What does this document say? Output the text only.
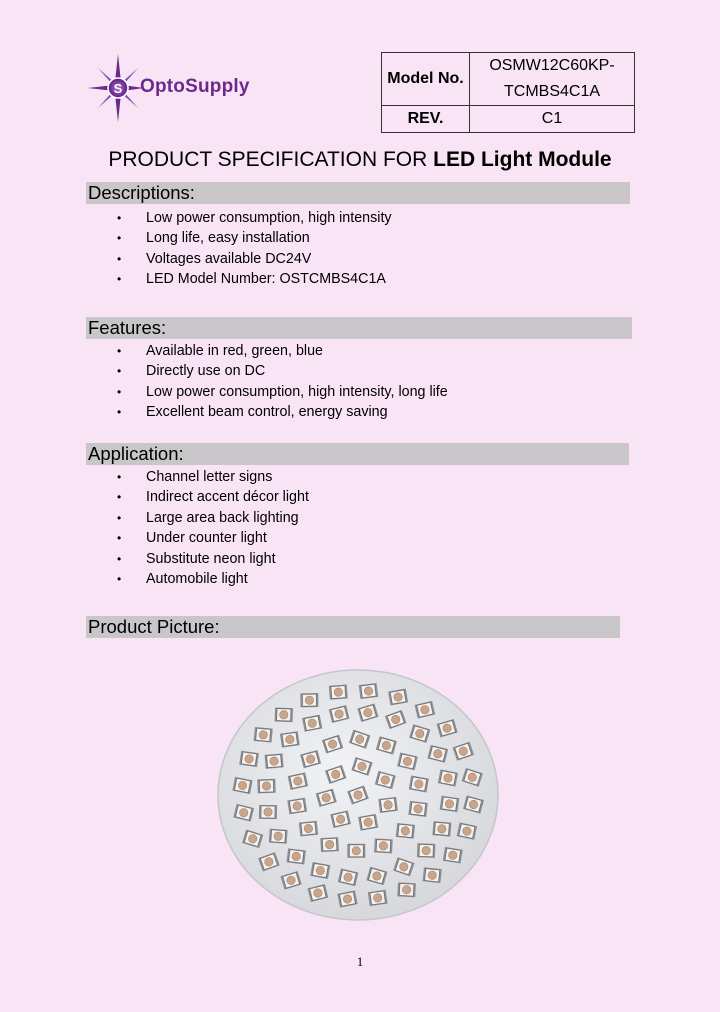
S OptoSupply	Model No.	OSMW12C60KP-
TCMBS4C1A

REV.	C1
PRODUCT SPECIFICATION FOR LED Light Module
Descriptions:
• Low power consumption, high intensity
• Long life, easy installation
• Voltages available DC24V
• LED Model Number: OSTCMBS4C1A
Features:
• Available in red, green, blue
• Directly use on DC
• Low power consumption, high intensity, long life
• Excellent beam control, energy saving
Application:
• Channel letter signs
• Indirect accent décor light
• Large area back lighting
• Under counter light
• Substitute neon light
• Automobile light
Product Picture:
1
